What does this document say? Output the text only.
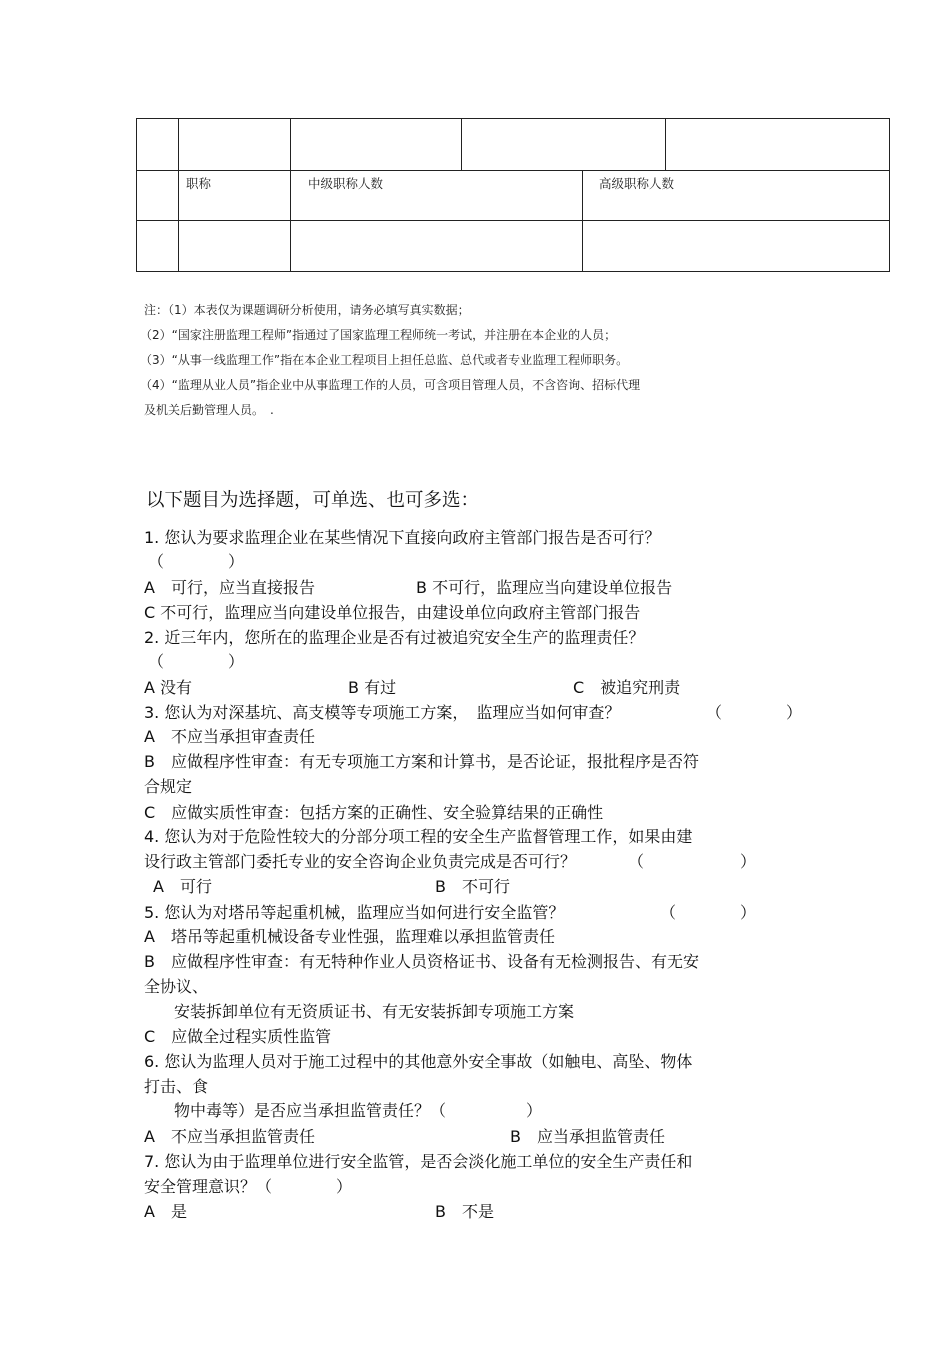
职称	中级职称人数	高级职称人数
注：（1）本表仅为课题调研分析使用，请务必填写真实数据；
（2）“国家注册监理工程师”指通过了国家监理工程师统一考试，并注册在本企业的人员；
（3）“从事一线监理工作”指在本企业工程项目上担任总监、总代或者专业监理工程师职务。
（4）“监理从业人员”指企业中从事监理工作的人员，可含项目管理人员，不含咨询、招标代理
及机关后勤管理人员。　.
以下题目为选择题，可单选、也可多选：
1. 您认为要求监理企业在某些情况下直接向政府主管部门报告是否可行？
（　　　　）
A　可行，应当直接报告	B 不可行，监理应当向建设单位报告
C 不可行，监理应当向建设单位报告，由建设单位向政府主管部门报告
2. 近三年内，您所在的监理企业是否有过被追究安全生产的监理责任？
（　　　　）
A 没有	B 有过	C　被追究刑责
3. 您认为对深基坑、高支模等专项施工方案，　监理应当如何审查？	（　　　　）
A　不应当承担审查责任
B　应做程序性审查：有无专项施工方案和计算书，是否论证，报批程序是否符
合规定
C　应做实质性审查：包括方案的正确性、安全验算结果的正确性
4. 您认为对于危险性较大的分部分项工程的安全生产监督管理工作，如果由建
设行政主管部门委托专业的安全咨询企业负责完成是否可行？	（　　　　　　）
A　可行	B　不可行
5. 您认为对塔吊等起重机械，监理应当如何进行安全监管？	（　　　　）
A　塔吊等起重机械设备专业性强，监理难以承担监管责任
B　应做程序性审查：有无特种作业人员资格证书、设备有无检测报告、有无安
全协议、
安装拆卸单位有无资质证书、有无安装拆卸专项施工方案
C　应做全过程实质性监管
6. 您认为监理人员对于施工过程中的其他意外安全事故（如触电、高坠、物体
打击、食
物中毒等）是否应当承担监管责任？（　　　　　）
A　不应当承担监管责任	B　应当承担监管责任
7. 您认为由于监理单位进行安全监管，是否会淡化施工单位的安全生产责任和
安全管理意识？（　　　　）
A　是	B　不是
